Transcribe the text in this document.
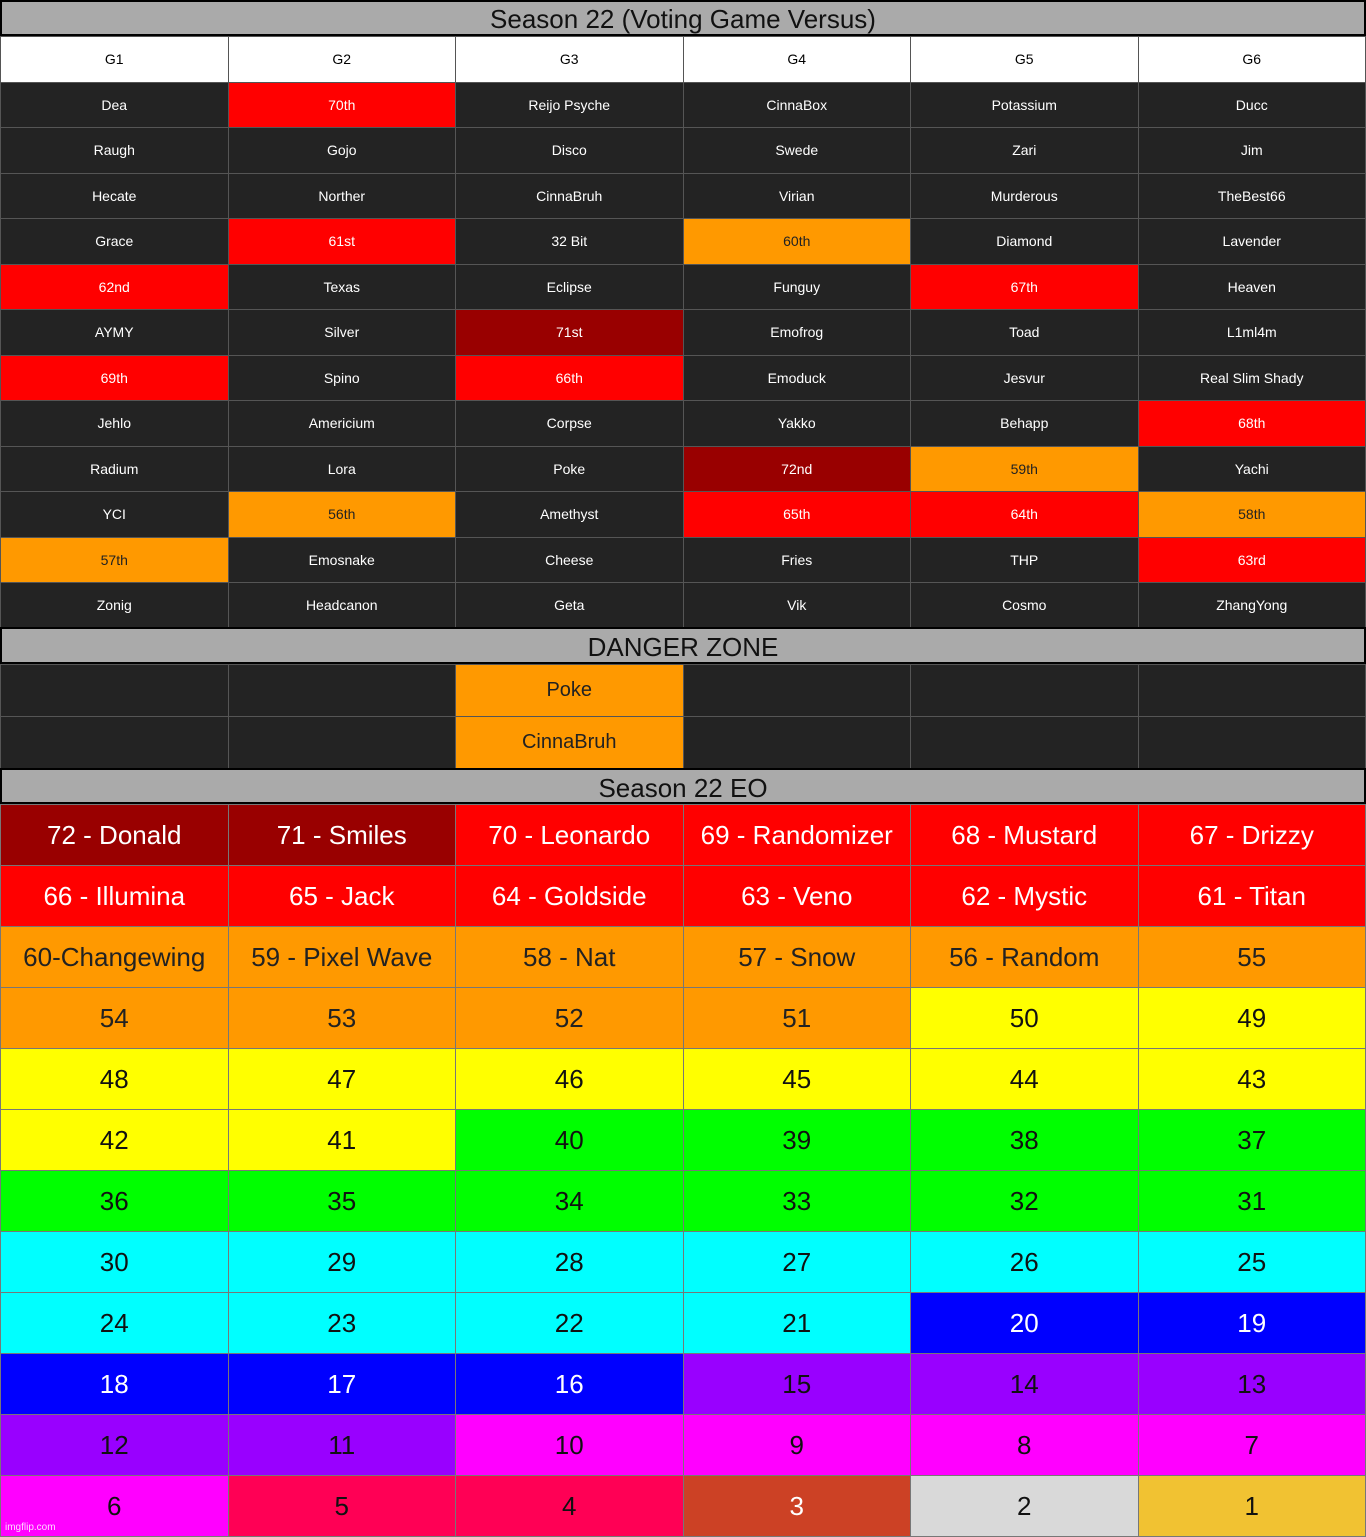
Season 22 (Voting Game Versus)
G1	G2	G3	G4	G5	G6
Dea	70th	Reijo Psyche	CinnaBox	Potassium	Ducc
Raugh	Gojo	Disco	Swede	Zari	Jim
Hecate	Norther	CinnaBruh	Virian	Murderous	TheBest66
Grace	61st	32 Bit	60th	Diamond	Lavender
62nd	Texas	Eclipse	Funguy	67th	Heaven
AYMY	Silver	71st	Emofrog	Toad	L1ml4m
69th	Spino	66th	Emoduck	Jesvur	Real Slim Shady
Jehlo	Americium	Corpse	Yakko	Behapp	68th
Radium	Lora	Poke	72nd	59th	Yachi
YCI	56th	Amethyst	65th	64th	58th
57th	Emosnake	Cheese	Fries	THP	63rd
Zonig	Headcanon	Geta	Vik	Cosmo	ZhangYong
DANGER ZONE
		Poke			
		CinnaBruh			
Season 22 EO
72 - Donald	71 - Smiles	70 - Leonardo	69 - Randomizer	68 - Mustard	67 - Drizzy
66 - Illumina	65 - Jack	64 - Goldside	63 - Veno	62 - Mystic	61 - Titan
60-Changewing	59 - Pixel Wave	58 - Nat	57 - Snow	56 - Random	55
54	53	52	51	50	49
48	47	46	45	44	43
42	41	40	39	38	37
36	35	34	33	32	31
30	29	28	27	26	25
24	23	22	21	20	19
18	17	16	15	14	13
12	11	10	9	8	7
6	5	4	3	2	1
imgflip.com
